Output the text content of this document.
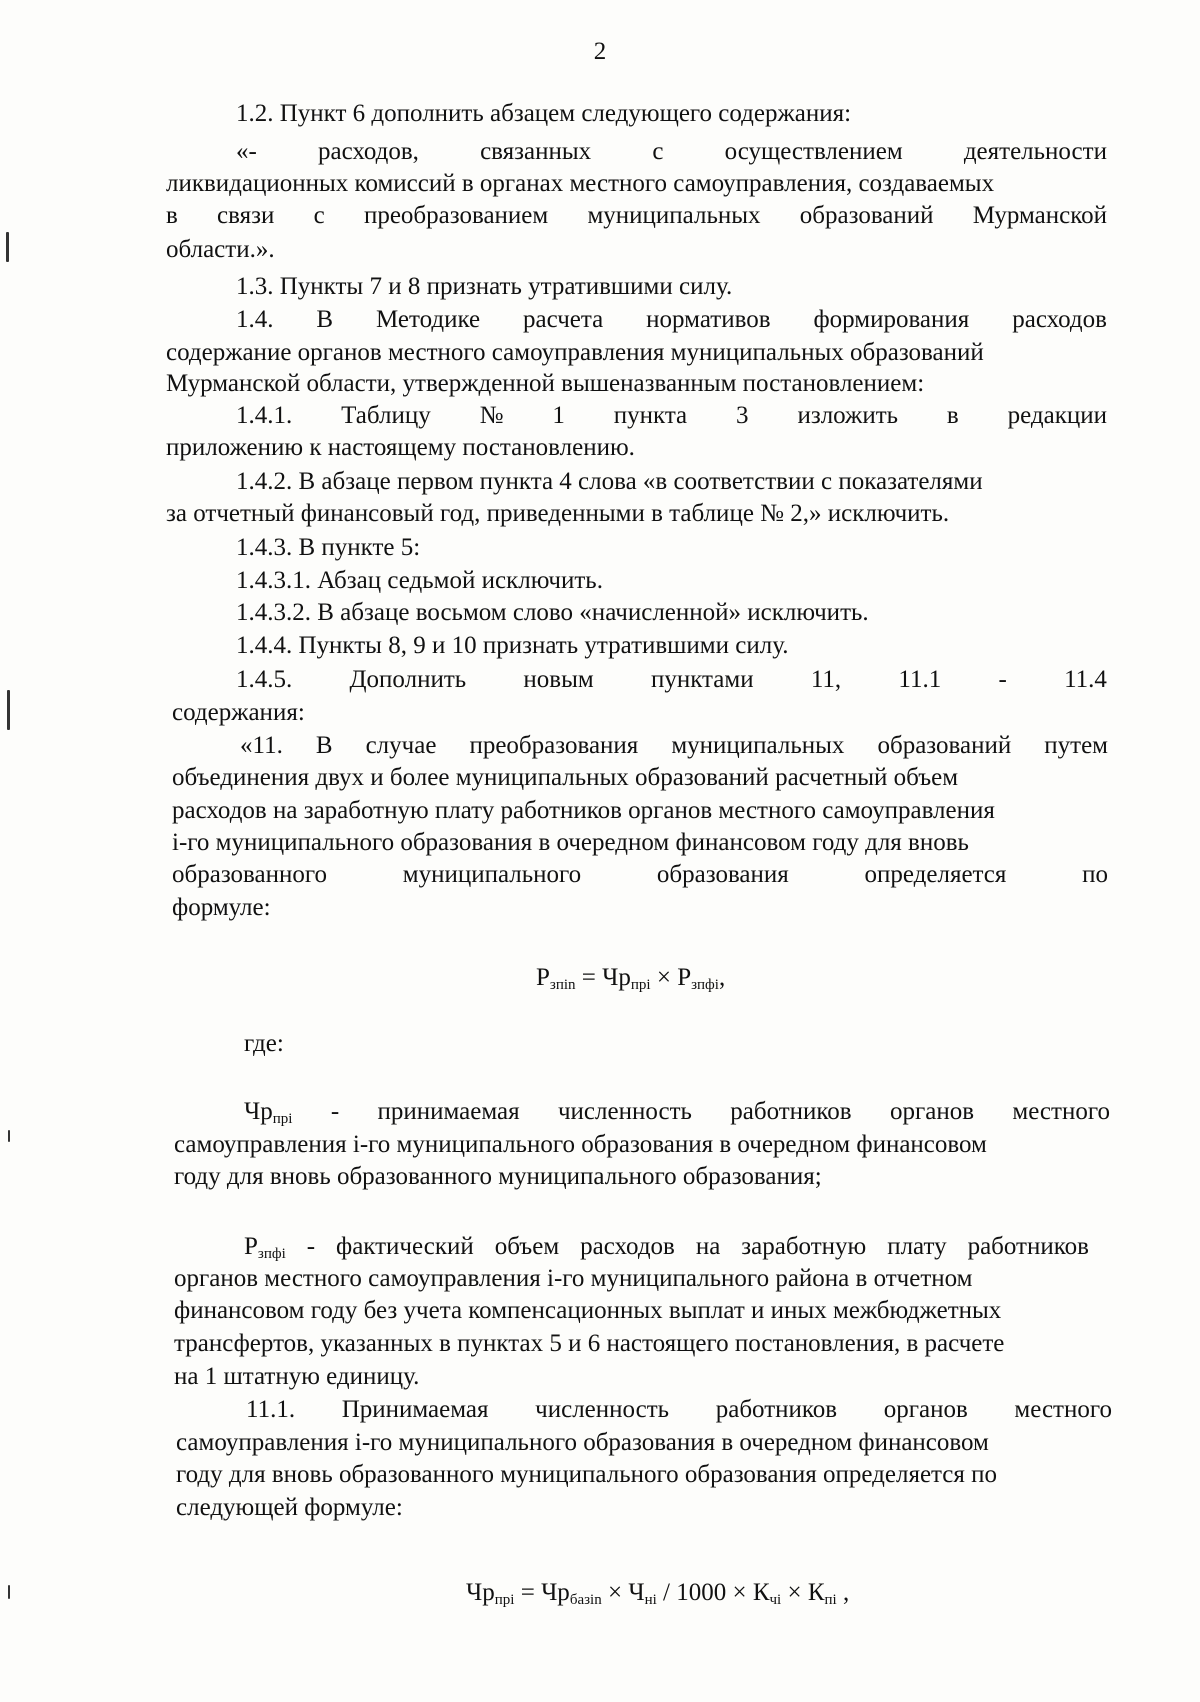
2
1.2. Пункт 6 дополнить абзацем следующего содержания:
«- расходов, связанных с осуществлением деятельности
ликвидационных комиссий в органах местного самоуправления, создаваемых
в связи с преобразованием муниципальных образований Мурманской
области.».
1.3. Пункты 7 и 8 признать утратившими силу.
1.4. В Методике расчета нормативов формирования расходов
содержание органов местного самоуправления муниципальных образований
Мурманской области, утвержденной вышеназванным постановлением:
1.4.1. Таблицу № 1 пункта 3 изложить в редакции
приложению к настоящему постановлению.
1.4.2. В абзаце первом пункта 4 слова «в соответствии с показателями
за отчетный финансовый год, приведенными в таблице № 2,» исключить.
1.4.3. В пункте 5:
1.4.3.1. Абзац седьмой исключить.
1.4.3.2. В абзаце восьмом слово «начисленной» исключить.
1.4.4. Пункты 8, 9 и 10 признать утратившими силу.
1.4.5. Дополнить новым пунктами 11, 11.1 - 11.4
содержания:
«11. В случае преобразования муниципальных образований путем
объединения двух и более муниципальных образований расчетный объем
расходов на заработную плату работников органов местного самоуправления
i-го муниципального образования в очередном финансовом году для вновь
образованного	муниципального	образования	определяется	по
формуле:
$Р_{зпіn} = Чр_{прі} \times Р_{зпфі}$,
где:
$Чр_{прі}$ - принимаемая численность работников органов местного
самоуправления i-го муниципального образования в очередном финансовом
году для вновь образованного муниципального образования;
$Р_{зпфі}$ - фактический объем расходов на заработную плату работников
органов местного самоуправления i-го муниципального района в отчетном
финансовом году без учета компенсационных выплат и иных межбюджетных
трансфертов, указанных в пунктах 5 и 6 настоящего постановления, в расчете
на 1 штатную единицу.
11.1. Принимаемая численность работников органов местного
самоуправления i-го муниципального образования в очередном финансовом
году для вновь образованного муниципального образования определяется по
следующей формуле:
$Чр_{прі} = Чр_{базіn} \times Ч_{ні} / 1000 \times К_{чі} \times К_{пі}$ ,
